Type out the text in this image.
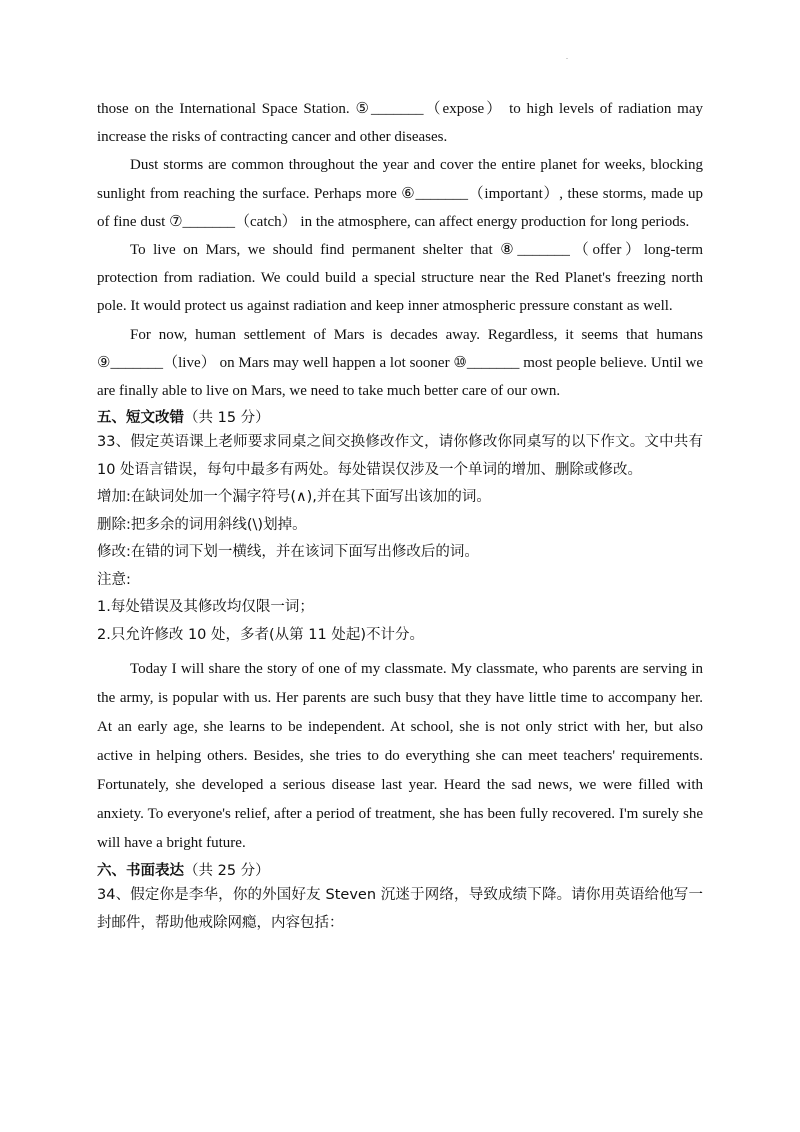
.

those on the International Space Station. ⑤_______（expose） to high levels of radiation may increase the risks of contracting cancer and other diseases.

Dust storms are common throughout the year and cover the entire planet for weeks, blocking sunlight from reaching the surface. Perhaps more ⑥_______（important）, these storms, made up of fine dust ⑦_______（catch） in the atmosphere, can affect energy production for long periods.

To live on Mars, we should find permanent shelter that ⑧_______（offer）long-term protection from radiation. We could build a special structure near the Red Planet's freezing north pole. It would protect us against radiation and keep inner atmospheric pressure constant as well.

For now, human settlement of Mars is decades away. Regardless, it seems that humans ⑨_______（live） on Mars may well happen a lot sooner ⑩_______ most people believe. Until we are finally able to live on Mars, we need to take much better care of our own.

五、短文改错（共 15 分）

33、假定英语课上老师要求同桌之间交换修改作文，请你修改你同桌写的以下作文。文中共有 10 处语言错误，每句中最多有两处。每处错误仅涉及一个单词的增加、删除或修改。

增加:在缺词处加一个漏字符号(∧),并在其下面写出该加的词。

删除:把多余的词用斜线(\)划掉。

修改:在错的词下划一横线，并在该词下面写出修改后的词。

注意:

1.每处错误及其修改均仅限一词；

2.只允许修改 10 处，多者(从第 11 处起)不计分。

Today I will share the story of one of my classmate. My classmate, who parents are serving in the army, is popular with us. Her parents are such busy that they have little time to accompany her. At an early age, she learns to be independent. At school, she is not only strict with her, but also active in helping others. Besides, she tries to do everything she can meet teachers' requirements. Fortunately, she developed a serious disease last year. Heard the sad news, we were filled with anxiety. To everyone's relief, after a period of treatment, she has been fully recovered. I'm surely she will have a bright future.

六、书面表达（共 25 分）

34、假定你是李华，你的外国好友 Steven 沉迷于网络，导致成绩下降。请你用英语给他写一封邮件，帮助他戒除网瘾，内容包括：
